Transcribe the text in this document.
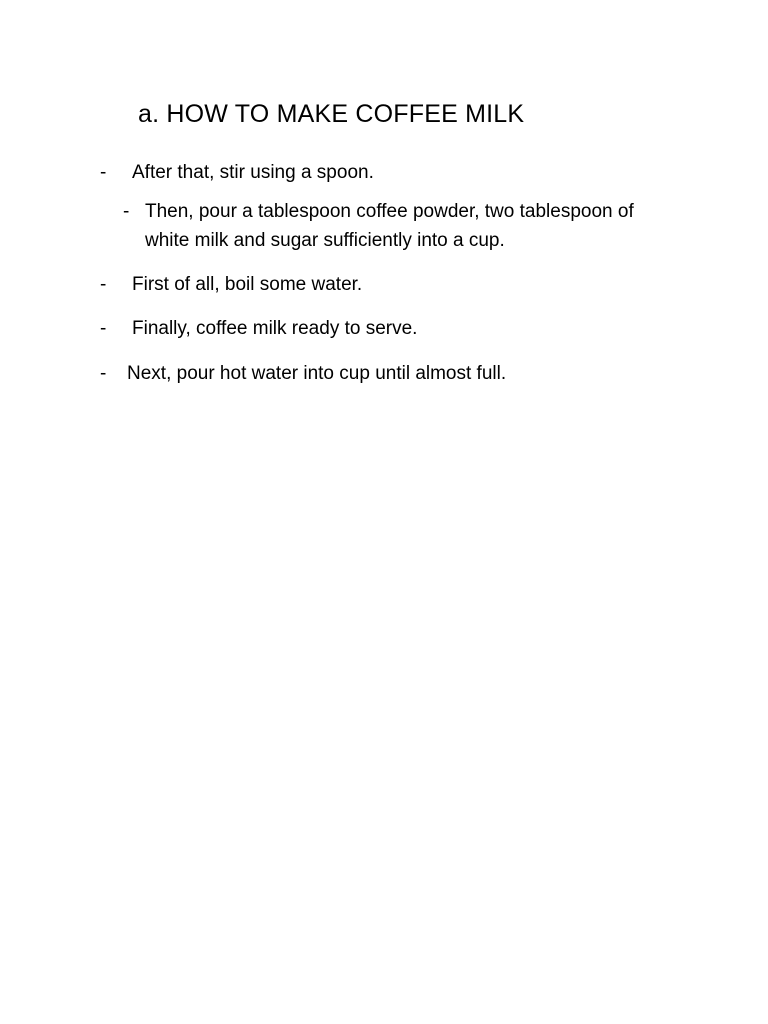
a. HOW TO MAKE COFFEE MILK
- After that, stir using a spoon.
- Then, pour a tablespoon coffee powder, two tablespoon of white milk and sugar sufficiently into a cup.
- First of all, boil some water.
- Finally, coffee milk ready to serve.
- Next, pour hot water into cup until almost full.
